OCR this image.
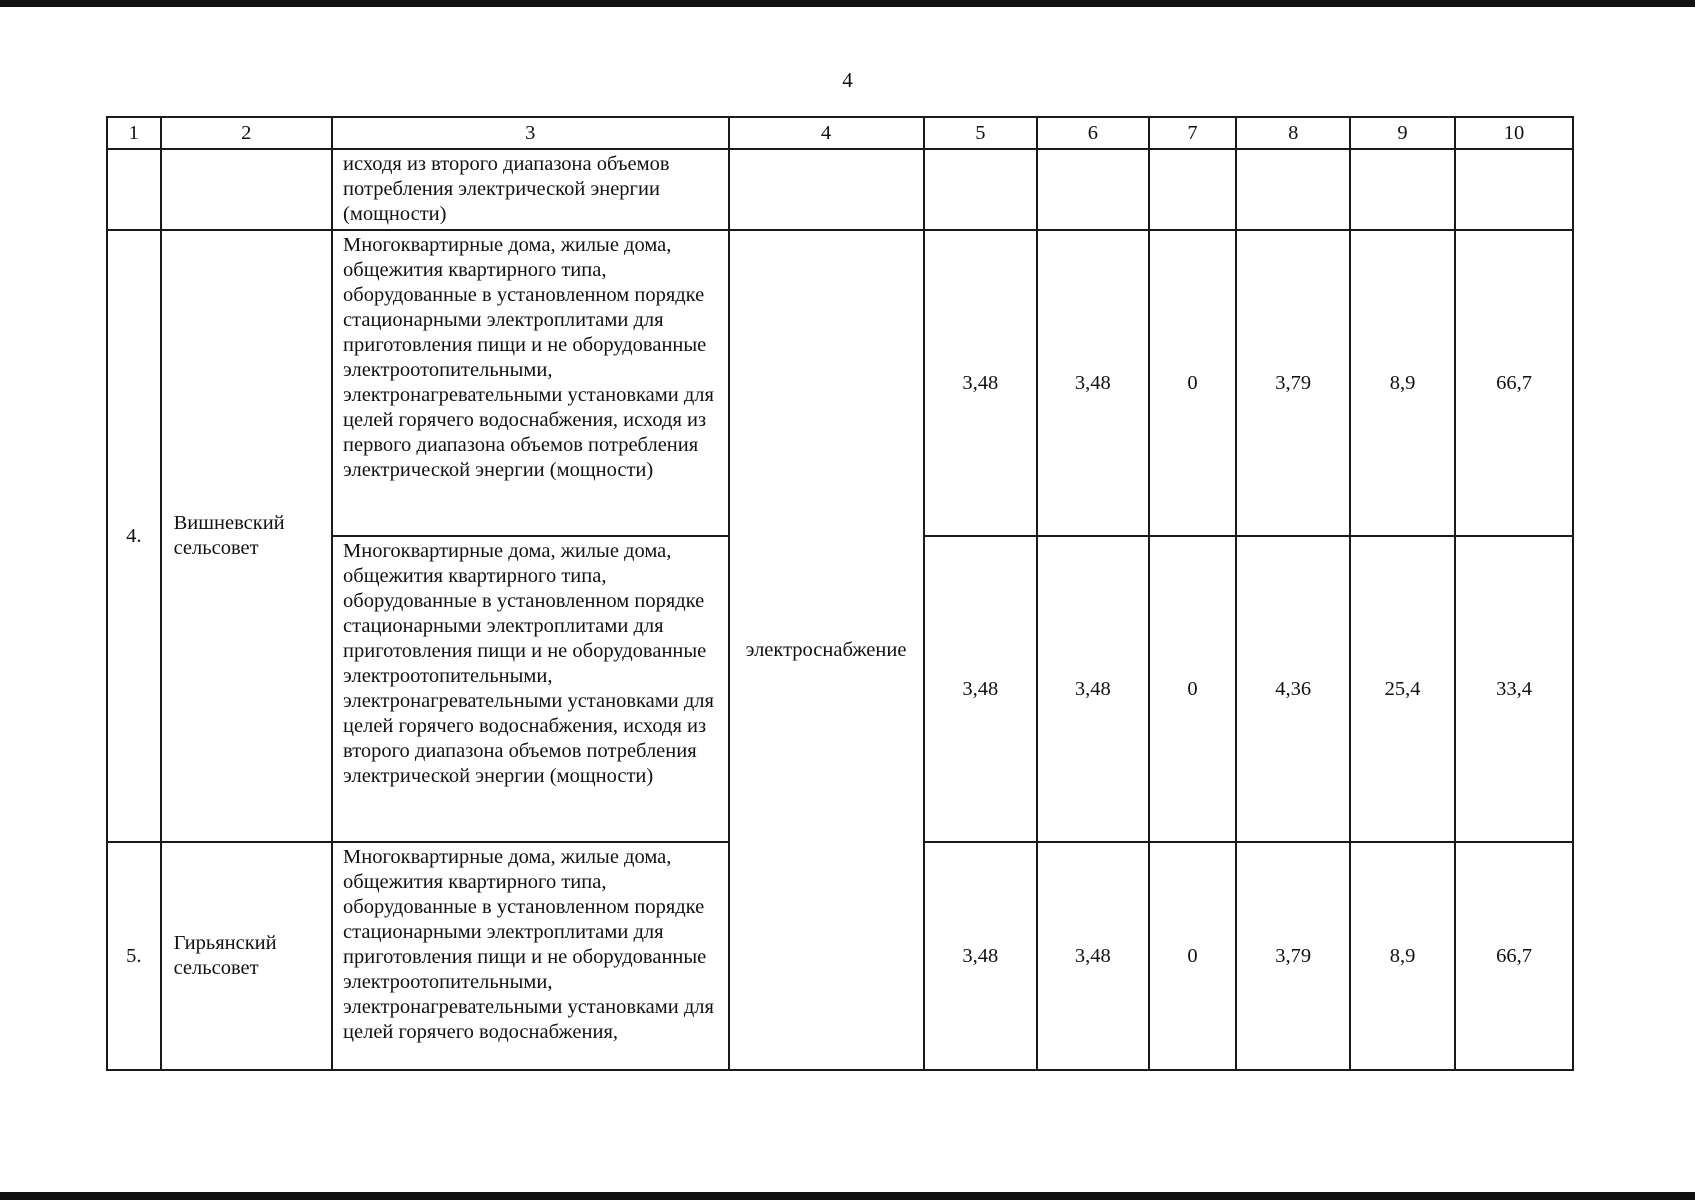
4
1	2	3	4	5	6	7	8	9	10
		исходя из второго диапазона объемов потребления электрической энергии (мощности)							
4.	Вишневский сельсовет	Многоквартирные дома, жилые дома, общежития квартирного типа, оборудованные в установленном порядке стационарными электроплитами для приготовления пищи и не оборудованные электроотопительными, электронагревательными установками для целей горячего водоснабжения, исходя из первого диапазона объемов потребления электрической энергии (мощности)	электроснабжение	3,48	3,48	0	3,79	8,9	66,7
		Многоквартирные дома, жилые дома, общежития квартирного типа, оборудованные в установленном порядке стационарными электроплитами для приготовления пищи и не оборудованные электроотопительными, электронагревательными установками для целей горячего водоснабжения, исходя из второго диапазона объемов потребления электрической энергии (мощности)		3,48	3,48	0	4,36	25,4	33,4
5.	Гирьянский сельсовет	Многоквартирные дома, жилые дома, общежития квартирного типа, оборудованные в установленном порядке стационарными электроплитами для приготовления пищи и не оборудованные электроотопительными, электронагревательными установками для целей горячего водоснабжения,		3,48	3,48	0	3,79	8,9	66,7
